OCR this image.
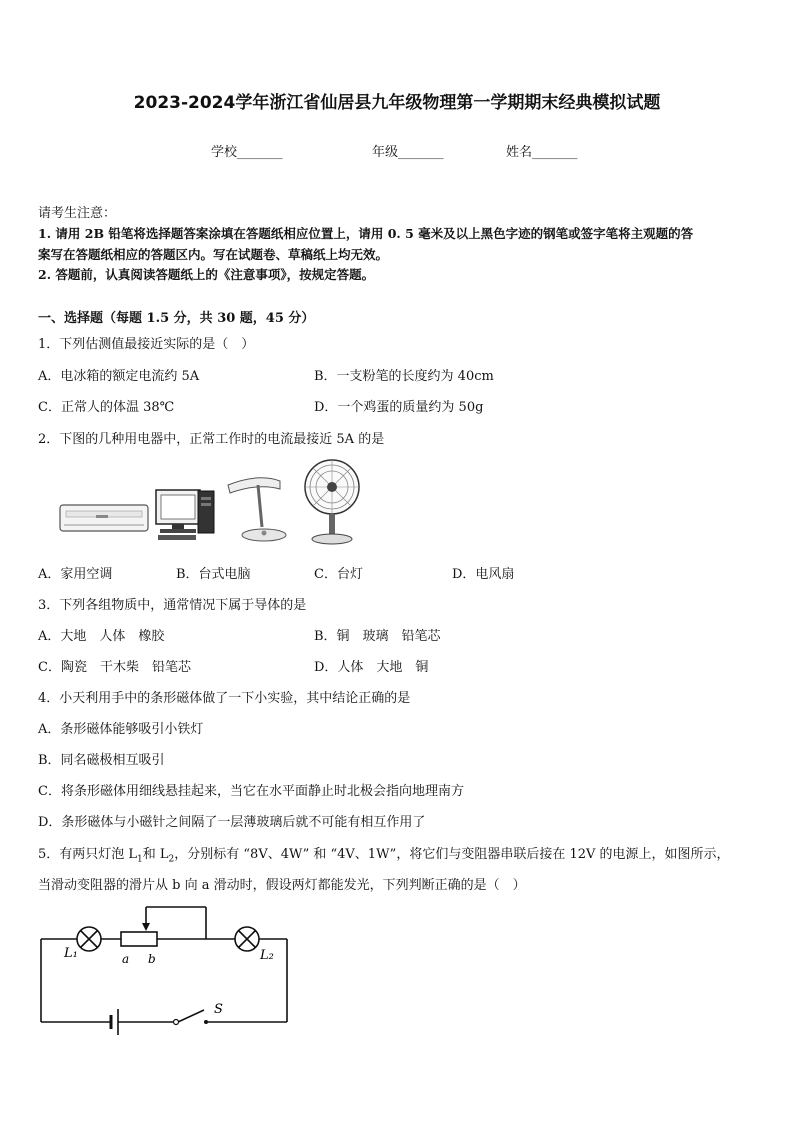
2023-2024学年浙江省仙居县九年级物理第一学期期末经典模拟试题
学校_______	年级_______	姓名_______
请考生注意：
1. 请用 2B 铅笔将选择题答案涂填在答题纸相应位置上，请用 0. 5 毫米及以上黑色字迹的钢笔或签字笔将主观题的答
案写在答题纸相应的答题区内。写在试题卷、草稿纸上均无效。
2. 答题前，认真阅读答题纸上的《注意事项》，按规定答题。
一、选择题（每题 1.5 分，共 30 题，45 分）
1．下列估测值最接近实际的是（　）
A．电冰箱的额定电流约 5A	B．一支粉笔的长度约为 40cm
C．正常人的体温 38℃	D．一个鸡蛋的质量约为 50g
2．下图的几种用电器中，正常工作时的电流最接近 5A 的是
A．家用空调	B．台式电脑	C．台灯	D．电风扇
3．下列各组物质中，通常情况下属于导体的是
A．大地　人体　橡胶	B．铜　玻璃　铅笔芯
C．陶瓷　干木柴　铅笔芯	D．人体　大地　铜
4．小天利用手中的条形磁体做了一下小实验，其中结论正确的是
A．条形磁体能够吸引小铁灯
B．同名磁极相互吸引
C．将条形磁体用细线悬挂起来，当它在水平面静止时北极会指向地理南方
D．条形磁体与小磁针之间隔了一层薄玻璃后就不可能有相互作用了
5．有两只灯泡 $L_1$和 $L_2$，分别标有 “8V、4W” 和 “4V、1W”，将它们与变阻器串联后接在 12V 的电源上，如图所示，
当滑动变阻器的滑片从 b 向 a 滑动时，假设两灯都能发光，下列判断正确的是（　）
L₁	a b	L₂
S
